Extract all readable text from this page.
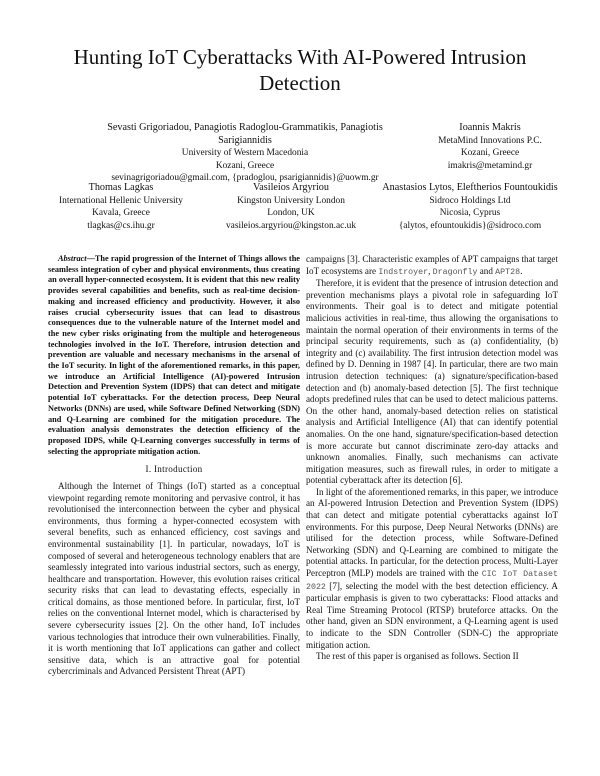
Hunting IoT Cyberattacks With AI-Powered Intrusion Detection
Sevasti Grigoriadou, Panagiotis Radoglou-Grammatikis, Panagiotis Sarigiannidis
University of Western Macedonia
Kozani, Greece
sevinagrigoriadou@gmail.com, {pradoglou, psarigiannidis}@uowm.gr
Ioannis Makris
MetaMind Innovations P.C.
Kozani, Greece
imakris@metamind.gr
Thomas Lagkas
International Hellenic University
Kavala, Greece
tlagkas@cs.ihu.gr
Vasileios Argyriou
Kingston University London
London, UK
vasileios.argyriou@kingston.ac.uk
Anastasios Lytos, Eleftherios Fountoukidis
Sidroco Holdings Ltd
Nicosia, Cyprus
{alytos, efountoukidis}@sidroco.com

Abstract—The rapid progression of the Internet of Things allows the seamless integration of cyber and physical environments, thus creating an overall hyper-connected ecosystem. It is evident that this new reality provides several capabilities and benefits, such as real-time decision-making and increased efficiency and productivity. However, it also raises crucial cybersecurity issues that can lead to disastrous consequences due to the vulnerable nature of the Internet model and the new cyber risks originating from the multiple and heterogeneous technologies involved in the IoT. Therefore, intrusion detection and prevention are valuable and necessary mechanisms in the arsenal of the IoT security. In light of the aforementioned remarks, in this paper, we introduce an Artificial Intelligence (AI)-powered Intrusion Detection and Prevention System (IDPS) that can detect and mitigate potential IoT cyberattacks. For the detection process, Deep Neural Networks (DNNs) are used, while Software Defined Networking (SDN) and Q-Learning are combined for the mitigation procedure. The evaluation analysis demonstrates the detection efficiency of the proposed IDPS, while Q-Learning converges successfully in terms of selecting the appropriate mitigation action.

I. Introduction

Although the Internet of Things (IoT) started as a conceptual viewpoint regarding remote monitoring and pervasive control, it has revolutionised the interconnection between the cyber and physical environments, thus forming a hyper-connected ecosystem with several benefits, such as enhanced efficiency, cost savings and environmental sustainability [1]. In particular, nowadays, IoT is composed of several and heterogeneous technology enablers that are seamlessly integrated into various industrial sectors, such as energy, healthcare and transportation. However, this evolution raises critical security risks that can lead to devastating effects, especially in critical domains, as those mentioned before. In particular, first, IoT relies on the conventional Internet model, which is characterised by severe cybersecurity issues [2]. On the other hand, IoT includes various technologies that introduce their own vulnerabilities. Finally, it is worth mentioning that IoT applications can gather and collect sensitive data, which is an attractive goal for potential cybercriminals and Advanced Persistent Threat (APT)

campaigns [3]. Characteristic examples of APT campaigns that target IoT ecosystems are Indstroyer, Dragonfly and APT28.

Therefore, it is evident that the presence of intrusion detection and prevention mechanisms plays a pivotal role in safeguarding IoT environments. Their goal is to detect and mitigate potential malicious activities in real-time, thus allowing the organisations to maintain the normal operation of their environments in terms of the principal security requirements, such as (a) confidentiality, (b) integrity and (c) availability. The first intrusion detection model was defined by D. Denning in 1987 [4]. In particular, there are two main intrusion detection techniques: (a) signature/specification-based detection and (b) anomaly-based detection [5]. The first technique adopts predefined rules that can be used to detect malicious patterns. On the other hand, anomaly-based detection relies on statistical analysis and Artificial Intelligence (AI) that can identify potential anomalies. On the one hand, signature/specification-based detection is more accurate but cannot discriminate zero-day attacks and unknown anomalies. Finally, such mechanisms can activate mitigation measures, such as firewall rules, in order to mitigate a potential cyberattack after its detection [6].

In light of the aforementioned remarks, in this paper, we introduce an AI-powered Intrusion Detection and Prevention System (IDPS) that can detect and mitigate potential cyberattacks against IoT environments. For this purpose, Deep Neural Networks (DNNs) are utilised for the detection process, while Software-Defined Networking (SDN) and Q-Learning are combined to mitigate the potential attacks. In particular, for the detection process, Multi-Layer Perceptron (MLP) models are trained with the CIC IoT Dataset 2022 [7], selecting the model with the best detection efficiency. A particular emphasis is given to two cyberattacks: Flood attacks and Real Time Streaming Protocol (RTSP) bruteforce attacks. On the other hand, given an SDN environment, a Q-Learning agent is used to indicate to the SDN Controller (SDN-C) the appropriate mitigation action.

The rest of this paper is organised as follows. Section II
